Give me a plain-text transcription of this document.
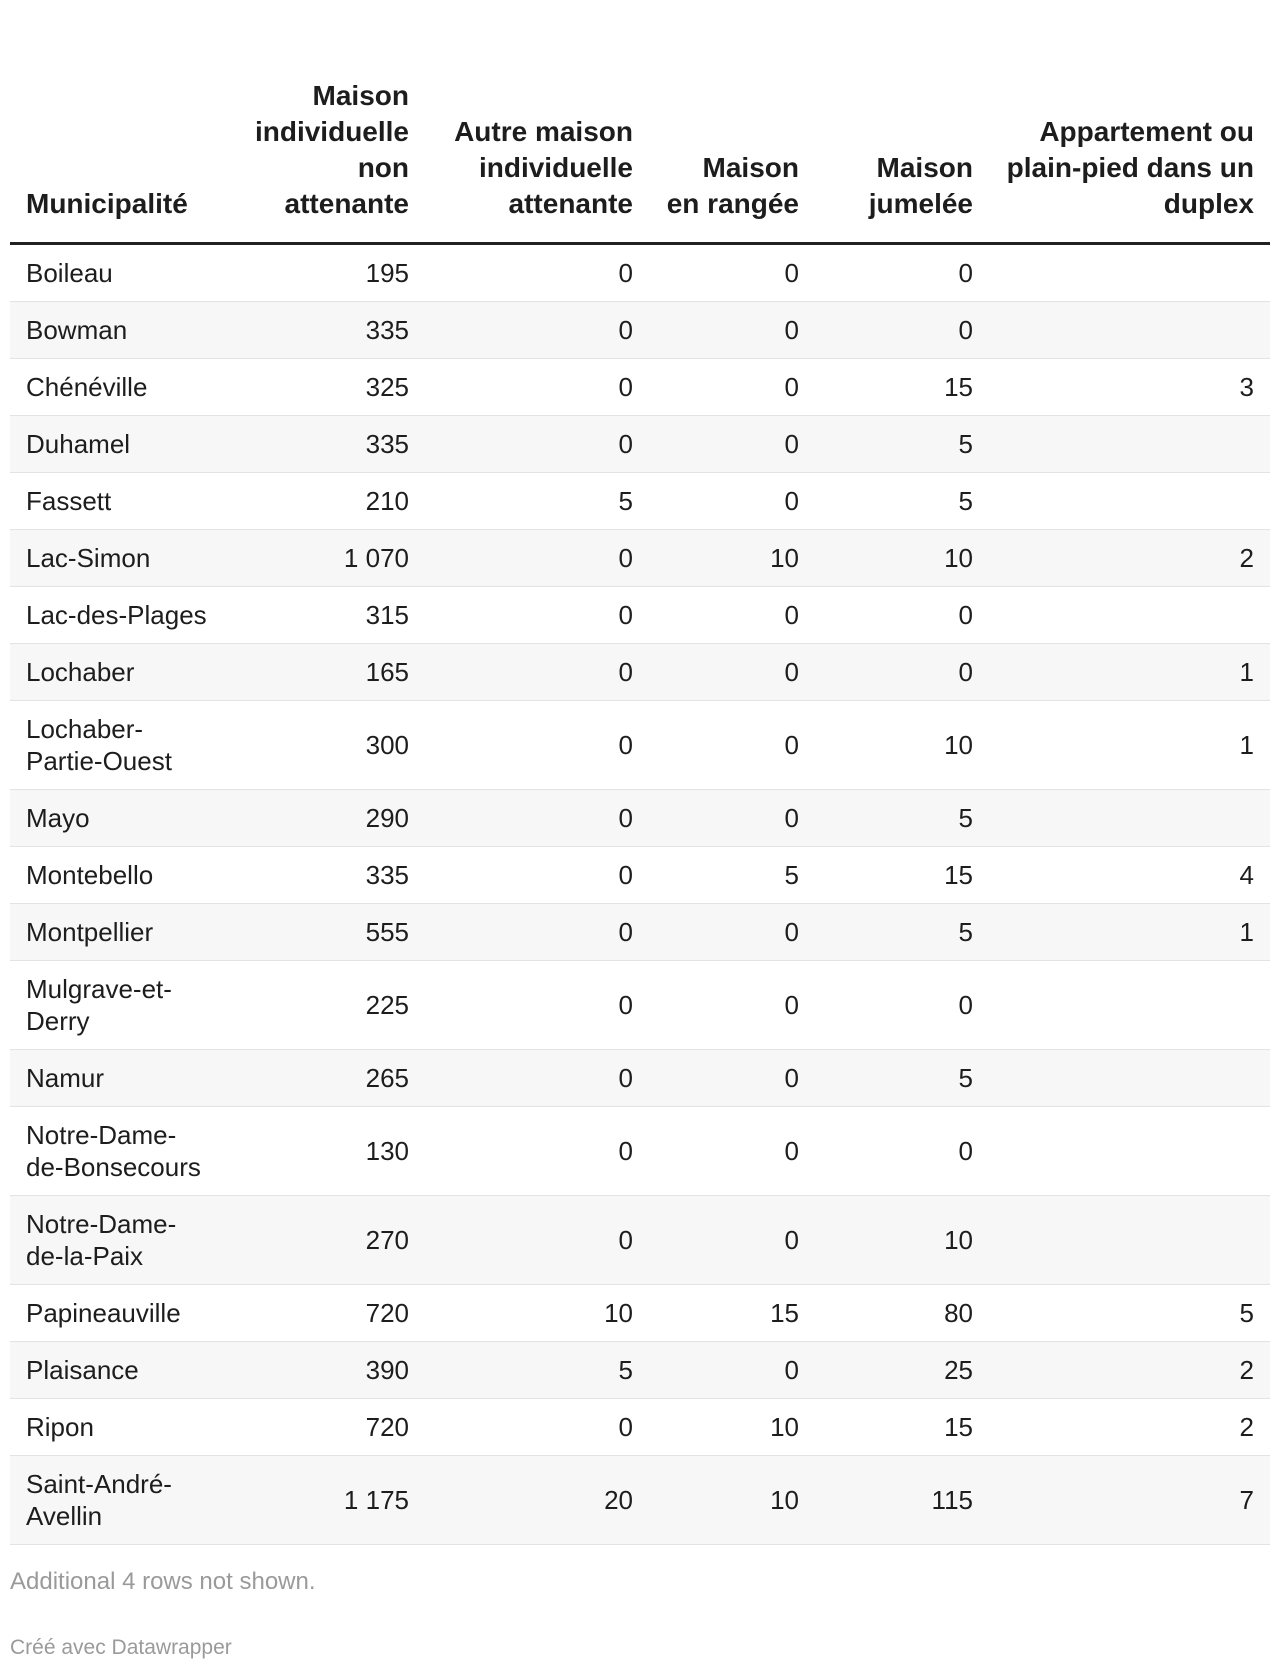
Municipalité	Maison individuelle non attenante	Autre maison individuelle attenante	Maison en rangée	Maison jumelée	Appartement ou plain-pied dans un duplex
Boileau	195	0	0	0	
Bowman	335	0	0	0	
Chénéville	325	0	0	15	3
Duhamel	335	0	0	5	
Fassett	210	5	0	5	
Lac-Simon	1 070	0	10	10	2
Lac-des-Plages	315	0	0	0	
Lochaber	165	0	0	0	1
Lochaber-Partie-Ouest	300	0	0	10	1
Mayo	290	0	0	5	
Montebello	335	0	5	15	4
Montpellier	555	0	0	5	1
Mulgrave-et-Derry	225	0	0	0	
Namur	265	0	0	5	
Notre-Dame-de-Bonsecours	130	0	0	0	
Notre-Dame-de-la-Paix	270	0	0	10	
Papineauville	720	10	15	80	5
Plaisance	390	5	0	25	2
Ripon	720	0	10	15	2
Saint-André-Avellin	1 175	20	10	115	7
Additional 4 rows not shown.
Créé avec Datawrapper
